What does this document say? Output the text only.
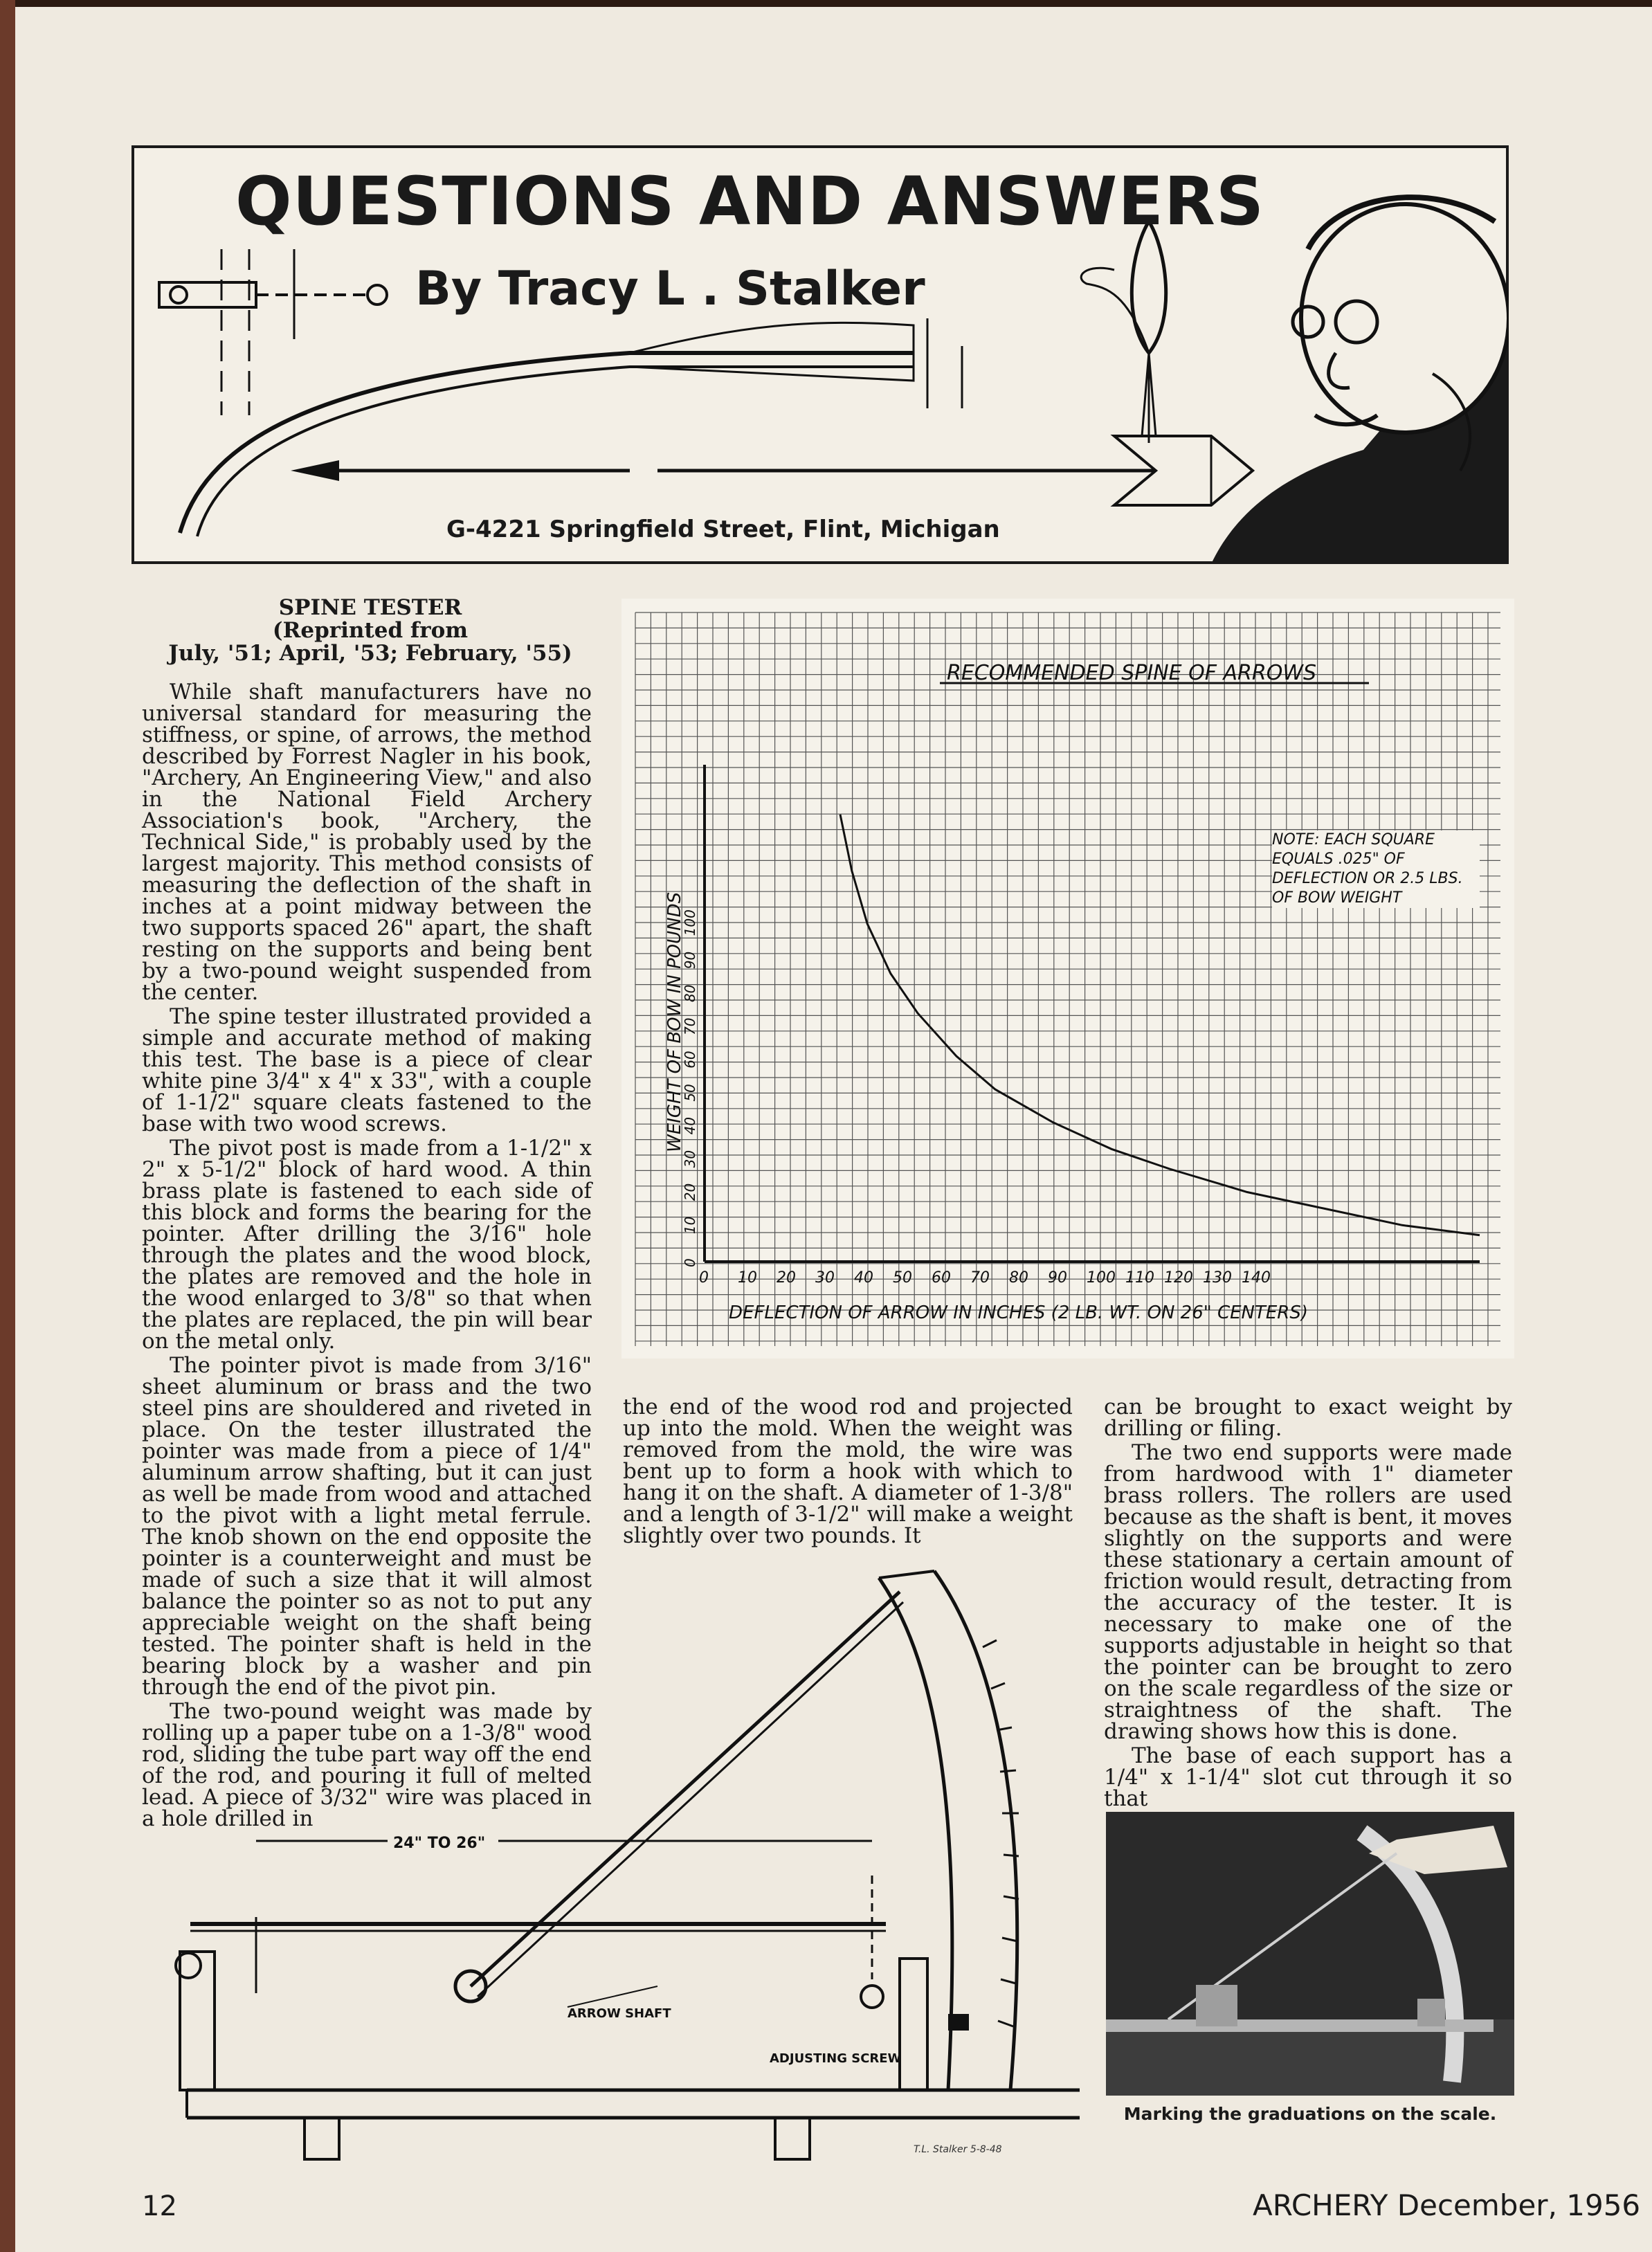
QUESTIONS AND ANSWERS
By Tracy L . Stalker
G-4221 Springfield Street, Flint, Michigan
SPINE TESTER
(Reprinted from
July, '51; April, '53; February, '55)

While shaft manufacturers have no universal standard for measuring the stiffness, or spine, of arrows, the method described by Forrest Nagler in his book, "Archery, An Engineering View," and also in the National Field Archery Association's book, "Archery, the Technical Side," is probably used by the largest majority. This method consists of measuring the deflection of the shaft in inches at a point midway between the two supports spaced 26" apart, the shaft resting on the supports and being bent by a two-pound weight suspended from the center.

The spine tester illustrated provided a simple and accurate method of making this test. The base is a piece of clear white pine 3/4" x 4" x 33", with a couple of 1-1/2" square cleats fastened to the base with two wood screws.

The pivot post is made from a 1-1/2" x 2" x 5-1/2" block of hard wood. A thin brass plate is fastened to each side of this block and forms the bearing for the pointer. After drilling the 3/16" hole through the plates and the wood block, the plates are removed and the hole in the wood enlarged to 3/8" so that when the plates are replaced, the pin will bear on the metal only.

The pointer pivot is made from 3/16" sheet aluminum or brass and the two steel pins are shouldered and riveted in place. On the tester illustrated the pointer was made from a piece of 1/4" aluminum arrow shafting, but it can just as well be made from wood and attached to the pivot with a light metal ferrule. The knob shown on the end opposite the pointer is a counterweight and must be made of such a size that it will almost balance the pointer so as not to put any appreciable weight on the shaft being tested. The pointer shaft is held in the bearing block by a washer and pin through the end of the pivot pin.

The two-pound weight was made by rolling up a paper tube on a 1-3/8" wood rod, sliding the tube part way off the end of the rod, and pouring it full of melted lead. A piece of 3/32" wire was placed in a hole drilled in

the end of the wood rod and projected up into the mold. When the weight was removed from the mold, the wire was bent up to form a hook with which to hang it on the shaft. A diameter of 1-3/8" and a length of 3-1/2" will make a weight slightly over two pounds. It

can be brought to exact weight by drilling or filing.

The two end supports were made from hardwood with 1" diameter brass rollers. The rollers are used because as the shaft is bent, it moves slightly on the supports and were these stationary a certain amount of friction would result, detracting from the accuracy of the tester. It is necessary to make one of the supports adjustable in height so that the pointer can be brought to zero on the scale regardless of the size or straightness of the shaft. The drawing shows how this is done.

The base of each support has a 1/4" x 1-1/4" slot cut through it so that

RECOMMENDED SPINE OF ARROWS
0 10 20 30 40 50 60 70 80 90 100 110 120 130 140
0
10
20
30
40
50
60
70
80
90
100
DEFLECTION OF ARROW IN INCHES (2 LB. WT. ON 26" CENTERS)
WEIGHT OF BOW IN POUNDS
NOTE: EACH SQUARE EQUALS .025" OF DEFLECTION OR 2.5 LBS. OF BOW WEIGHT
24" TO 26"
ARROW SHAFT
ADJUSTING SCREW
T.L. Stalker 5-8-48
Marking the graduations on the scale.
12	ARCHERY December, 1956
